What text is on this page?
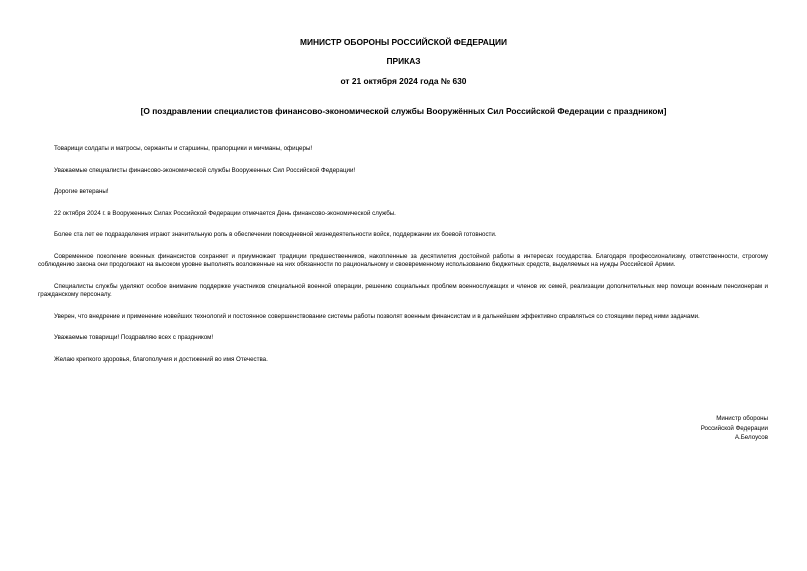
МИНИСТР ОБОРОНЫ РОССИЙСКОЙ ФЕДЕРАЦИИ
ПРИКАЗ
от 21 октября 2024 года № 630
[О поздравлении специалистов финансово-экономической службы Вооружённых Сил Российской Федерации с праздником]

Товарищи солдаты и матросы, сержанты и старшины, прапорщики и мичманы, офицеры!

Уважаемые специалисты финансово-экономической службы Вооруженных Сил Российской Федерации!

Дорогие ветераны!

22 октября 2024 г. в Вооруженных Силах Российской Федерации отмечается День финансово-экономической службы.

Более ста лет ее подразделения играют значительную роль в обеспечении повседневной жизнедеятельности войск, поддержании их боевой готовности.

Современное поколение военных финансистов сохраняет и приумножает традиции предшественников, накопленные за десятилетия достойной работы в интересах государства. Благодаря профессионализму, ответственности, строгому соблюдению закона они продолжают на высоком уровне выполнять возложенные на них обязанности по рациональному и своевременному использованию бюджетных средств, выделяемых на нужды Российской Армии.

Специалисты службы уделяют особое внимание поддержке участников специальной военной операции, решению социальных проблем военнослужащих и членов их семей, реализации дополнительных мер помощи военным пенсионерам и гражданскому персоналу.

Уверен, что внедрение и применение новейших технологий и постоянное совершенствование системы работы позволят военным финансистам и в дальнейшем эффективно справляться со стоящими перед ними задачами.

Уважаемые товарищи! Поздравляю всех с праздником!

Желаю крепкого здоровья, благополучия и достижений во имя Отечества.

Министр обороны
Российской Федерации
А.Белоусов
